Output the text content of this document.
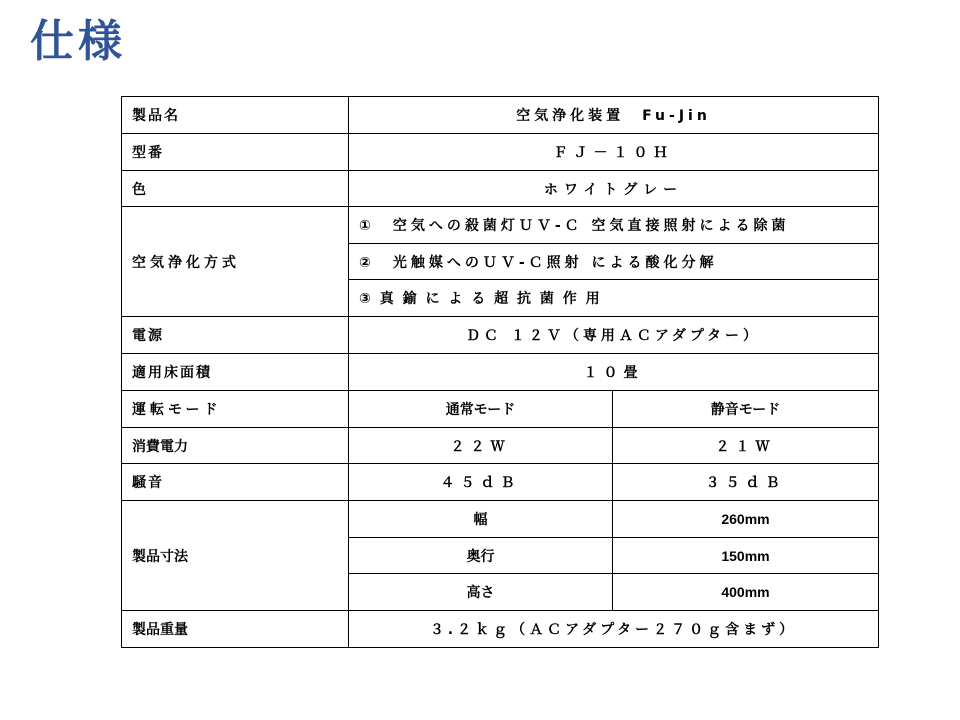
仕様
製品名	空気浄化装置　Fu-Jin	
型番	ＦＪ－１０Ｈ	
色	ホワイトグレー	
空気浄化方式	①　空気への殺菌灯ＵＶ-Ｃ 空気直接照射による除菌	
	②　光触媒へのＵＶ-Ｃ照射 による酸化分解	
	③ 真 鍮 に よ る 超 抗 菌 作 用	
電源	ＤＣ １２Ｖ（専用ＡＣアダプター）	
適用床面積	１０畳	
運転モード	通常モード	静音モード
消費電力	２２Ｗ	２１Ｗ
騒音	４５ｄＢ	３５ｄＢ
製品寸法	幅	260mm
	奥行	150mm
	高さ	400mm
製品重量	３.２ｋｇ（ＡＣアダプター２７０ｇ含まず）	
